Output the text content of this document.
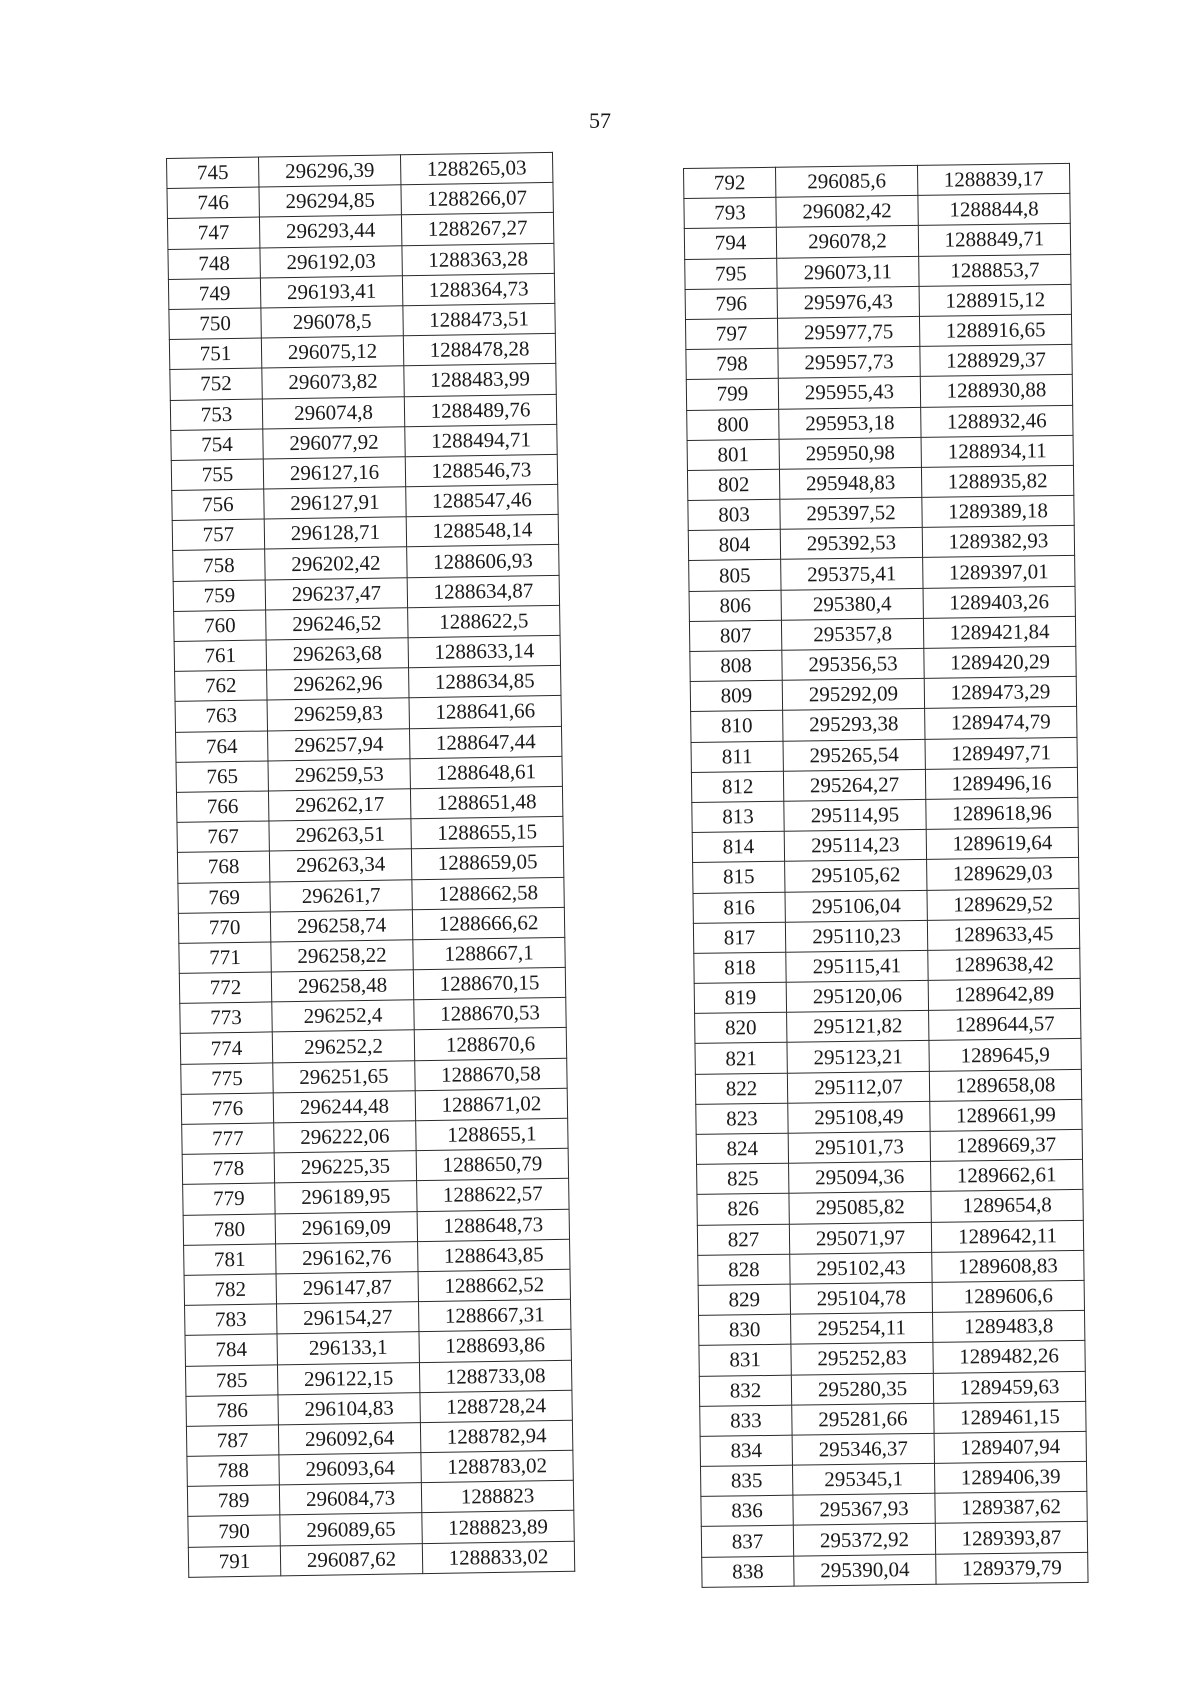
57
745	296296,39	1288265,03
746	296294,85	1288266,07
747	296293,44	1288267,27
748	296192,03	1288363,28
749	296193,41	1288364,73
750	296078,5	1288473,51
751	296075,12	1288478,28
752	296073,82	1288483,99
753	296074,8	1288489,76
754	296077,92	1288494,71
755	296127,16	1288546,73
756	296127,91	1288547,46
757	296128,71	1288548,14
758	296202,42	1288606,93
759	296237,47	1288634,87
760	296246,52	1288622,5
761	296263,68	1288633,14
762	296262,96	1288634,85
763	296259,83	1288641,66
764	296257,94	1288647,44
765	296259,53	1288648,61
766	296262,17	1288651,48
767	296263,51	1288655,15
768	296263,34	1288659,05
769	296261,7	1288662,58
770	296258,74	1288666,62
771	296258,22	1288667,1
772	296258,48	1288670,15
773	296252,4	1288670,53
774	296252,2	1288670,6
775	296251,65	1288670,58
776	296244,48	1288671,02
777	296222,06	1288655,1
778	296225,35	1288650,79
779	296189,95	1288622,57
780	296169,09	1288648,73
781	296162,76	1288643,85
782	296147,87	1288662,52
783	296154,27	1288667,31
784	296133,1	1288693,86
785	296122,15	1288733,08
786	296104,83	1288728,24
787	296092,64	1288782,94
788	296093,64	1288783,02
789	296084,73	1288823
790	296089,65	1288823,89
791	296087,62	1288833,02
792	296085,6	1288839,17
793	296082,42	1288844,8
794	296078,2	1288849,71
795	296073,11	1288853,7
796	295976,43	1288915,12
797	295977,75	1288916,65
798	295957,73	1288929,37
799	295955,43	1288930,88
800	295953,18	1288932,46
801	295950,98	1288934,11
802	295948,83	1288935,82
803	295397,52	1289389,18
804	295392,53	1289382,93
805	295375,41	1289397,01
806	295380,4	1289403,26
807	295357,8	1289421,84
808	295356,53	1289420,29
809	295292,09	1289473,29
810	295293,38	1289474,79
811	295265,54	1289497,71
812	295264,27	1289496,16
813	295114,95	1289618,96
814	295114,23	1289619,64
815	295105,62	1289629,03
816	295106,04	1289629,52
817	295110,23	1289633,45
818	295115,41	1289638,42
819	295120,06	1289642,89
820	295121,82	1289644,57
821	295123,21	1289645,9
822	295112,07	1289658,08
823	295108,49	1289661,99
824	295101,73	1289669,37
825	295094,36	1289662,61
826	295085,82	1289654,8
827	295071,97	1289642,11
828	295102,43	1289608,83
829	295104,78	1289606,6
830	295254,11	1289483,8
831	295252,83	1289482,26
832	295280,35	1289459,63
833	295281,66	1289461,15
834	295346,37	1289407,94
835	295345,1	1289406,39
836	295367,93	1289387,62
837	295372,92	1289393,87
838	295390,04	1289379,79
